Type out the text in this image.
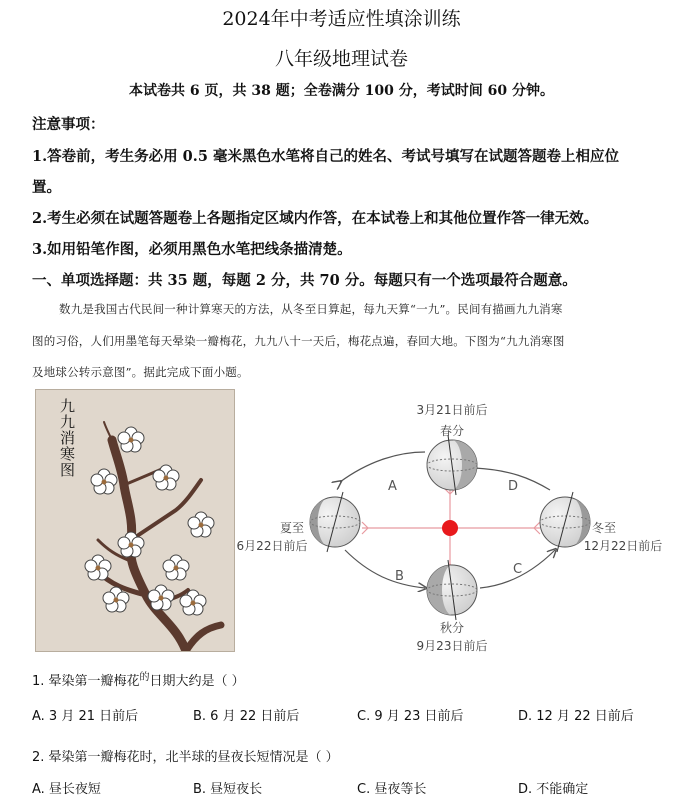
2024年中考适应性填涂训练
八年级地理试卷
本试卷共 6 页，共 38 题；全卷满分 100 分，考试时间 60 分钟。
注意事项：
1.答卷前，考生务必用 0.5 毫米黑色水笔将自己的姓名、考试号填写在试题答题卷上相应位
置。
2.考生必须在试题答题卷上各题指定区域内作答，在本试卷上和其他位置作答一律无效。
3.如用铅笔作图，必须用黑色水笔把线条描清楚。
一、单项选择题：共 35 题，每题 2 分，共 70 分。每题只有一个选项最符合题意。
数九是我国古代民间一种计算寒天的方法，从冬至日算起，每九天算“一九”。民间有描画九九消寒
图的习俗，人们用墨笔每天晕染一瓣梅花，九九八十一天后，梅花点遍，春回大地。下图为“九九消寒图
及地球公转示意图”。据此完成下面小题。
九九消寒图	3月21日前后
春分
夏至
6月22日前后
秋分
9月23日前后
冬至
12月22日前后
A	D
B	C
1. 晕染第一瓣梅花$^的$日期大约是（ ）
A. 3 月 21 日前后	B. 6 月 22 日前后	C. 9 月 23 日前后	D. 12 月 22 日前后
2. 晕染第一瓣梅花时，北半球的昼夜长短情况是（ ）
A. 昼长夜短	B. 昼短夜长	C. 昼夜等长	D. 不能确定
